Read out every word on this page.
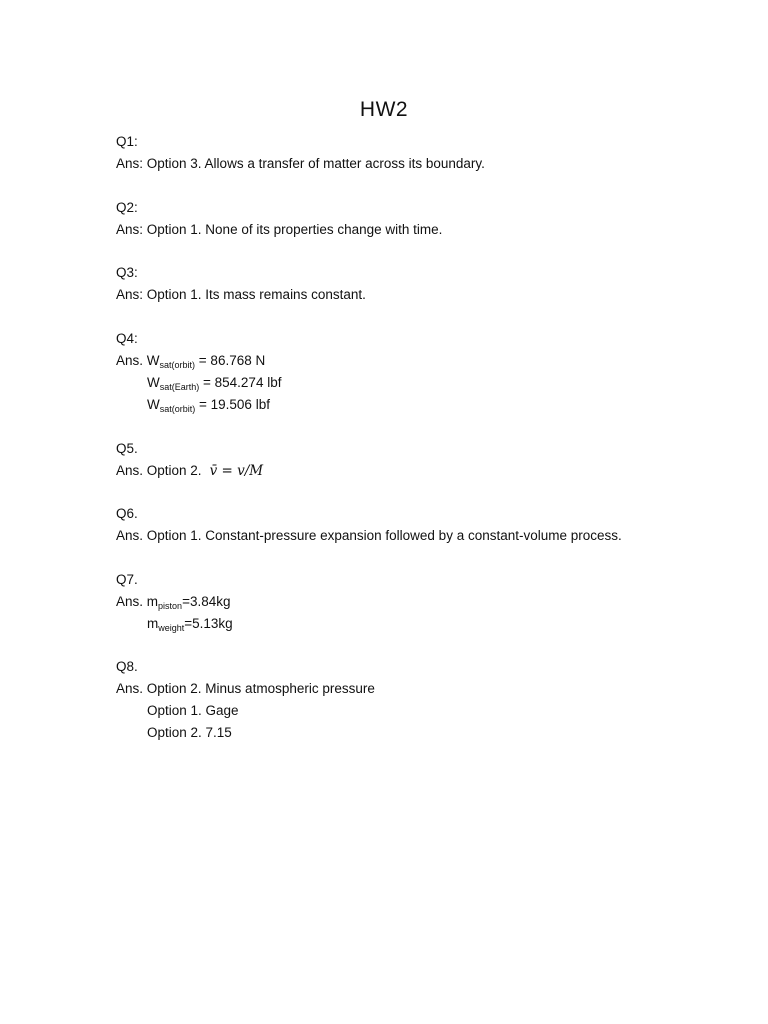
HW2
Q1:
Ans: Option 3. Allows a transfer of matter across its boundary.
Q2:
Ans: Option 1. None of its properties change with time.
Q3:
Ans: Option 1. Its mass remains constant.
Q4:
Ans. $W_{sat(orbit)} = 86.768$ N
$W_{sat(Earth)} = 854.274$ lbf
$W_{sat(orbit)} = 19.506$ lbf
Q5.
Ans. Option 2. v̄ = v/M
Q6.
Ans. Option 1. Constant-pressure expansion followed by a constant-volume process.
Q7.
Ans. $m_{piston}=3.84kg$
$m_{weight}=5.13kg$
Q8.
Ans. Option 2. Minus atmospheric pressure
Option 1. Gage
Option 2. 7.15
